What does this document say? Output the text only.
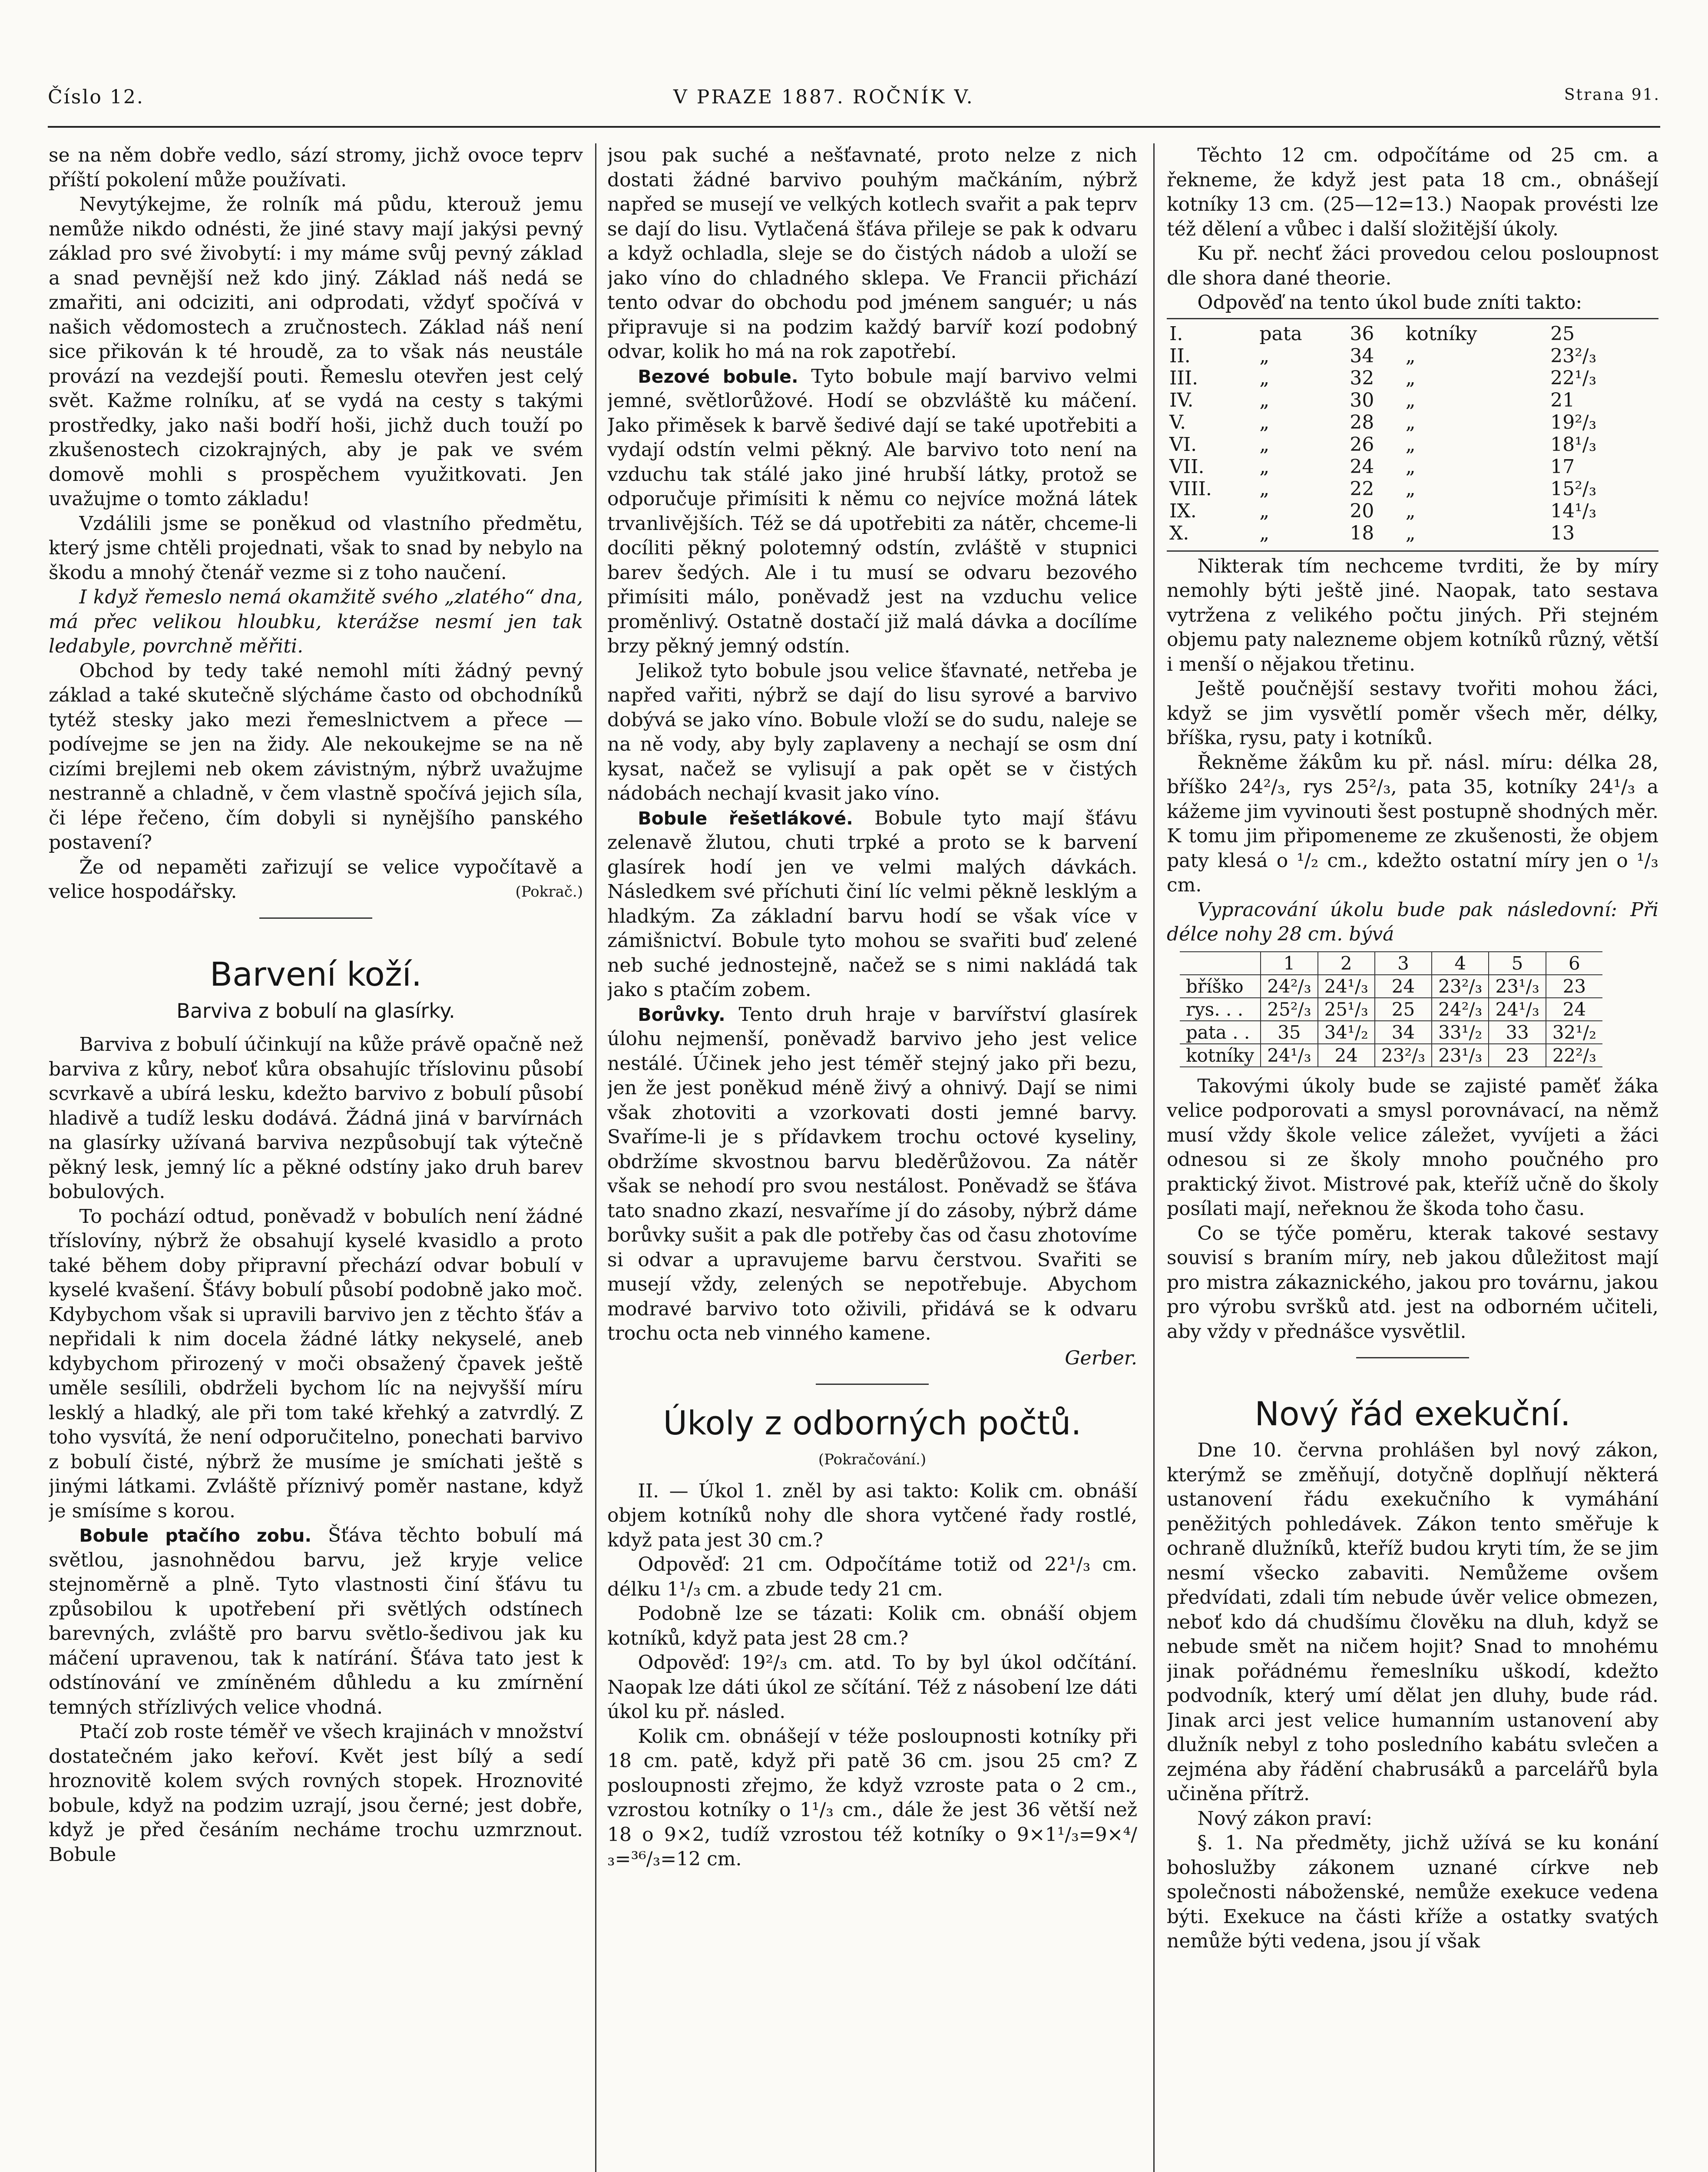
Číslo 12.	V PRAZE 1887. ROČNÍK V.	Strana 91.

se na něm dobře vedlo, sází stromy, jichž ovoce teprv příští pokolení může používati.

Nevytýkejme, že rolník má půdu, kterouž jemu nemůže nikdo odnésti, že jiné stavy mají jakýsi pevný základ pro své živobytí: i my máme svůj pevný základ a snad pevnější než kdo jiný. Základ náš nedá se zmařiti, ani odciziti, ani odprodati, vždyť spočívá v našich vědomostech a zručnostech. Základ náš není sice přikován k té hroudě, za to však nás neustále provází na vezdejší pouti. Řemeslu otevřen jest celý svět. Kažme rolníku, ať se vydá na cesty s takými prostředky, jako naši bodří hoši, jichž duch touží po zkušenostech cizokrajných, aby je pak ve svém domově mohli s prospěchem využitkovati. Jen uvažujme o tomto základu!

Vzdálili jsme se poněkud od vlastního předmětu, který jsme chtěli projednati, však to snad by nebylo na škodu a mnohý čtenář vezme si z toho naučení.

I když řemeslo nemá okamžitě svého „zlatého“ dna, má přec velikou hloubku, kterážse nesmí jen tak ledabyle, povrchně měřiti.

Obchod by tedy také nemohl míti žádný pevný základ a také skutečně slýcháme často od obchodníků tytéž stesky jako mezi řemeslnictvem a přece — podívejme se jen na židy. Ale nekoukejme se na ně cizími brejlemi neb okem závistným, nýbrž uvažujme nestranně a chladně, v čem vlastně spočívá jejich síla, či lépe řečeno, čím dobyli si nynějšího panského postavení?

Že od nepaměti zařizují se velice vypočítavě a velice hospodářsky.	(Pokrač.)

Barvení koží.
Barviva z bobulí na glasírky.

Barviva z bobulí účinkují na kůže právě opačně než barviva z kůry, neboť kůra obsahujíc tříslovinu působí scvrkavě a ubírá lesku, kdežto barvivo z bobulí působí hladivě a tudíž lesku dodává. Žádná jiná v barvírnách na glasírky užívaná barviva nezpůsobují tak výtečně pěkný lesk, jemný líc a pěkné odstíny jako druh barev bobulových.

To pochází odtud, poněvadž v bobulích není žádné tříslovíny, nýbrž že obsahují kyselé kvasidlo a proto také během doby připravní přechází odvar bobulí v kyselé kvašení. Šťávy bobulí působí podobně jako moč. Kdybychom však si upravili barvivo jen z těchto šťáv a nepřidali k nim docela žádné látky nekyselé, aneb kdybychom přirozený v moči obsažený čpavek ještě uměle sesílili, obdrželi bychom líc na nejvyšší míru lesklý a hladký, ale při tom také křehký a zatvrdlý. Z toho vysvítá, že není odporučitelno, ponechati barvivo z bobulí čisté, nýbrž že musíme je smíchati ještě s jinými látkami. Zvláště příznivý poměr nastane, když je smísíme s korou.

Bobule ptačího zobu. Šťáva těchto bobulí má světlou, jasnohnědou barvu, jež kryje velice stejnoměrně a plně. Tyto vlastnosti činí šťávu tu způsobilou k upotřebení při světlých odstínech barevných, zvláště pro barvu světlo-šedivou jak ku máčení upravenou, tak k natírání. Šťáva tato jest k odstínování ve zmíněném důhledu a ku zmírnění temných střízlivých velice vhodná.

Ptačí zob roste téměř ve všech krajinách v množství dostatečném jako keřoví. Květ jest bílý a sedí hroznovitě kolem svých rovných stopek. Hroznovité bobule, když na podzim uzrají, jsou černé; jest dobře, když je před česáním necháme trochu uzmrznout. Bobule

jsou pak suché a nešťavnaté, proto nelze z nich dostati žádné barvivo pouhým mačkáním, nýbrž napřed se musejí ve velkých kotlech svařit a pak teprv se dají do lisu. Vytlačená šťáva přileje se pak k odvaru a když ochladla, sleje se do čistých nádob a uloží se jako víno do chladného sklepa. Ve Francii přichází tento odvar do obchodu pod jménem sanguér; u nás připravuje si na podzim každý barvíř kozí podobný odvar, kolik ho má na rok zapotřebí.

Bezové bobule. Tyto bobule mají barvivo velmi jemné, světlorůžové. Hodí se obzvláště ku máčení. Jako přiměsek k barvě šedivé dají se také upotřebiti a vydají odstín velmi pěkný. Ale barvivo toto není na vzduchu tak stálé jako jiné hrubší látky, protož se odporučuje přimísiti k němu co nejvíce možná látek trvanlivějších. Též se dá upotřebiti za nátěr, chceme-li docíliti pěkný polotemný odstín, zvláště v stupnici barev šedých. Ale i tu musí se odvaru bezového přimísiti málo, poněvadž jest na vzduchu velice proměnlivý. Ostatně dostačí již malá dávka a docílíme brzy pěkný jemný odstín.

Jelikož tyto bobule jsou velice šťavnaté, netřeba je napřed vařiti, nýbrž se dají do lisu syrové a barvivo dobývá se jako víno. Bobule vloží se do sudu, naleje se na ně vody, aby byly zaplaveny a nechají se osm dní kysat, načež se vylisují a pak opět se v čistých nádobách nechají kvasit jako víno.

Bobule řešetlákové. Bobule tyto mají šťávu zelenavě žlutou, chuti trpké a proto se k barvení glasírek hodí jen ve velmi malých dávkách. Následkem své příchuti činí líc velmi pěkně lesklým a hladkým. Za základní barvu hodí se však více v zámišnictví. Bobule tyto mohou se svařiti buď zelené neb suché jednostejně, načež se s nimi nakládá tak jako s ptačím zobem.

Borůvky. Tento druh hraje v barvířství glasírek úlohu nejmenší, poněvadž barvivo jeho jest velice nestálé. Účinek jeho jest téměř stejný jako při bezu, jen že jest poněkud méně živý a ohnivý. Dají se nimi však zhotoviti a vzorkovati dosti jemné barvy. Svaříme-li je s přídavkem trochu octové kyseliny, obdržíme skvostnou barvu bleděrůžovou. Za nátěr však se nehodí pro svou nestálost. Poněvadž se šťáva tato snadno zkazí, nesvaříme jí do zásoby, nýbrž dáme borůvky sušit a pak dle potřeby čas od času zhotovíme si odvar a upravujeme barvu čerstvou. Svařiti se musejí vždy, zelených se nepotřebuje. Abychom modravé barvivo toto oživili, přidává se k odvaru trochu octa neb vinného kamene.

Gerber.
Úkoly z odborných počtů.
(Pokračování.)

II. — Úkol 1. zněl by asi takto: Kolik cm. obnáší objem kotníků nohy dle shora vytčené řady rostlé, když pata jest 30 cm.?

Odpověď: 21 cm. Odpočítáme totiž od 22¹/₃ cm. délku 1¹/₃ cm. a zbude tedy 21 cm.

Podobně lze se tázati: Kolik cm. obnáší objem kotníků, když pata jest 28 cm.?

Odpověď: 19²/₃ cm. atd. To by byl úkol odčítání. Naopak lze dáti úkol ze sčítání. Též z násobení lze dáti úkol ku př. násled.

Kolik cm. obnášejí v téže posloupnosti kotníky při 18 cm. patě, když při patě 36 cm. jsou 25 cm? Z posloupnosti zřejmo, že když vzroste pata o 2 cm., vzrostou kotníky o 1¹/₃ cm., dále že jest 36 větší než 18 o 9×2, tudíž vzrostou též kotníky o 9×1¹/₃=9×⁴/₃=³⁶/₃=12 cm.

Těchto 12 cm. odpočítáme od 25 cm. a řekneme, že když jest pata 18 cm., obnášejí kotníky 13 cm. (25—12=13.) Naopak provésti lze též dělení a vůbec i další složitější úkoly.

Ku př. nechť žáci provedou celou posloupnost dle shora dané theorie.

Odpověď na tento úkol bude zníti takto:

I.	pata	36	kotníky	25
II.	„	34	„	23²/₃
III.	„	32	„	22¹/₃
IV.	„	30	„	21
V.	„	28	„	19²/₃
VI.	„	26	„	18¹/₃
VII.	„	24	„	17
VIII.	„	22	„	15²/₃
IX.	„	20	„	14¹/₃
X.	„	18	„	13

Nikterak tím nechceme tvrditi, že by míry nemohly býti ještě jiné. Naopak, tato sestava vytržena z velikého počtu jiných. Při stejném objemu paty nalezneme objem kotníků různý, větší i menší o nějakou třetinu.

Ještě poučnější sestavy tvořiti mohou žáci, když se jim vysvětlí poměr všech měr, délky, bříška, rysu, paty i kotníků.

Řekněme žákům ku př. násl. míru: délka 28, bříško 24²/₃, rys 25²/₃, pata 35, kotníky 24¹/₃ a kážeme jim vyvinouti šest postupně shodných měr. K tomu jim připomeneme ze zkušenosti, že objem paty klesá o ¹/₂ cm., kdežto ostatní míry jen o ¹/₃ cm.

Vypracování úkolu bude pak následovní: Při délce nohy 28 cm. bývá

	1	2	3	4	5	6
bříško	24²/₃	24¹/₃	24	23²/₃	23¹/₃	23
rys. . .	25²/₃	25¹/₃	25	24²/₃	24¹/₃	24
pata . .	35	34¹/₂	34	33¹/₂	33	32¹/₂
kotníky	24¹/₃	24	23²/₃	23¹/₃	23	22²/₃

Takovými úkoly bude se zajisté paměť žáka velice podporovati a smysl porovnávací, na němž musí vždy škole velice záležet, vyvíjeti a žáci odnesou si ze školy mnoho poučného pro praktický život. Mistrové pak, kteříž učně do školy posílati mají, neřeknou že škoda toho času.

Co se týče poměru, kterak takové sestavy souvisí s braním míry, neb jakou důležitost mají pro mistra zákaznického, jakou pro továrnu, jakou pro výrobu svršků atd. jest na odborném učiteli, aby vždy v přednášce vysvětlil.

Nový řád exekuční.

Dne 10. června prohlášen byl nový zákon, kterýmž se změňují, dotyčně doplňují některá ustanovení řádu exekučního k vymáhání peněžitých pohledávek. Zákon tento směřuje k ochraně dlužníků, kteříž budou kryti tím, že se jim nesmí všecko zabaviti. Nemůžeme ovšem předvídati, zdali tím nebude úvěr velice obmezen, neboť kdo dá chudšímu člověku na dluh, když se nebude smět na ničem hojit? Snad to mnohému jinak pořádnému řemeslníku uškodí, kdežto podvodník, který umí dělat jen dluhy, bude rád. Jinak arci jest velice humanním ustanovení aby dlužník nebyl z toho posledního kabátu svlečen a zejména aby řádění chabrusáků a parcelářů byla učiněna přítrž.

Nový zákon praví:

§. 1. Na předměty, jichž užívá se ku konání bohoslužby zákonem uznané církve neb společnosti náboženské, nemůže exekuce vedena býti. Exekuce na části kříže a ostatky svatých nemůže býti vedena, jsou jí však
